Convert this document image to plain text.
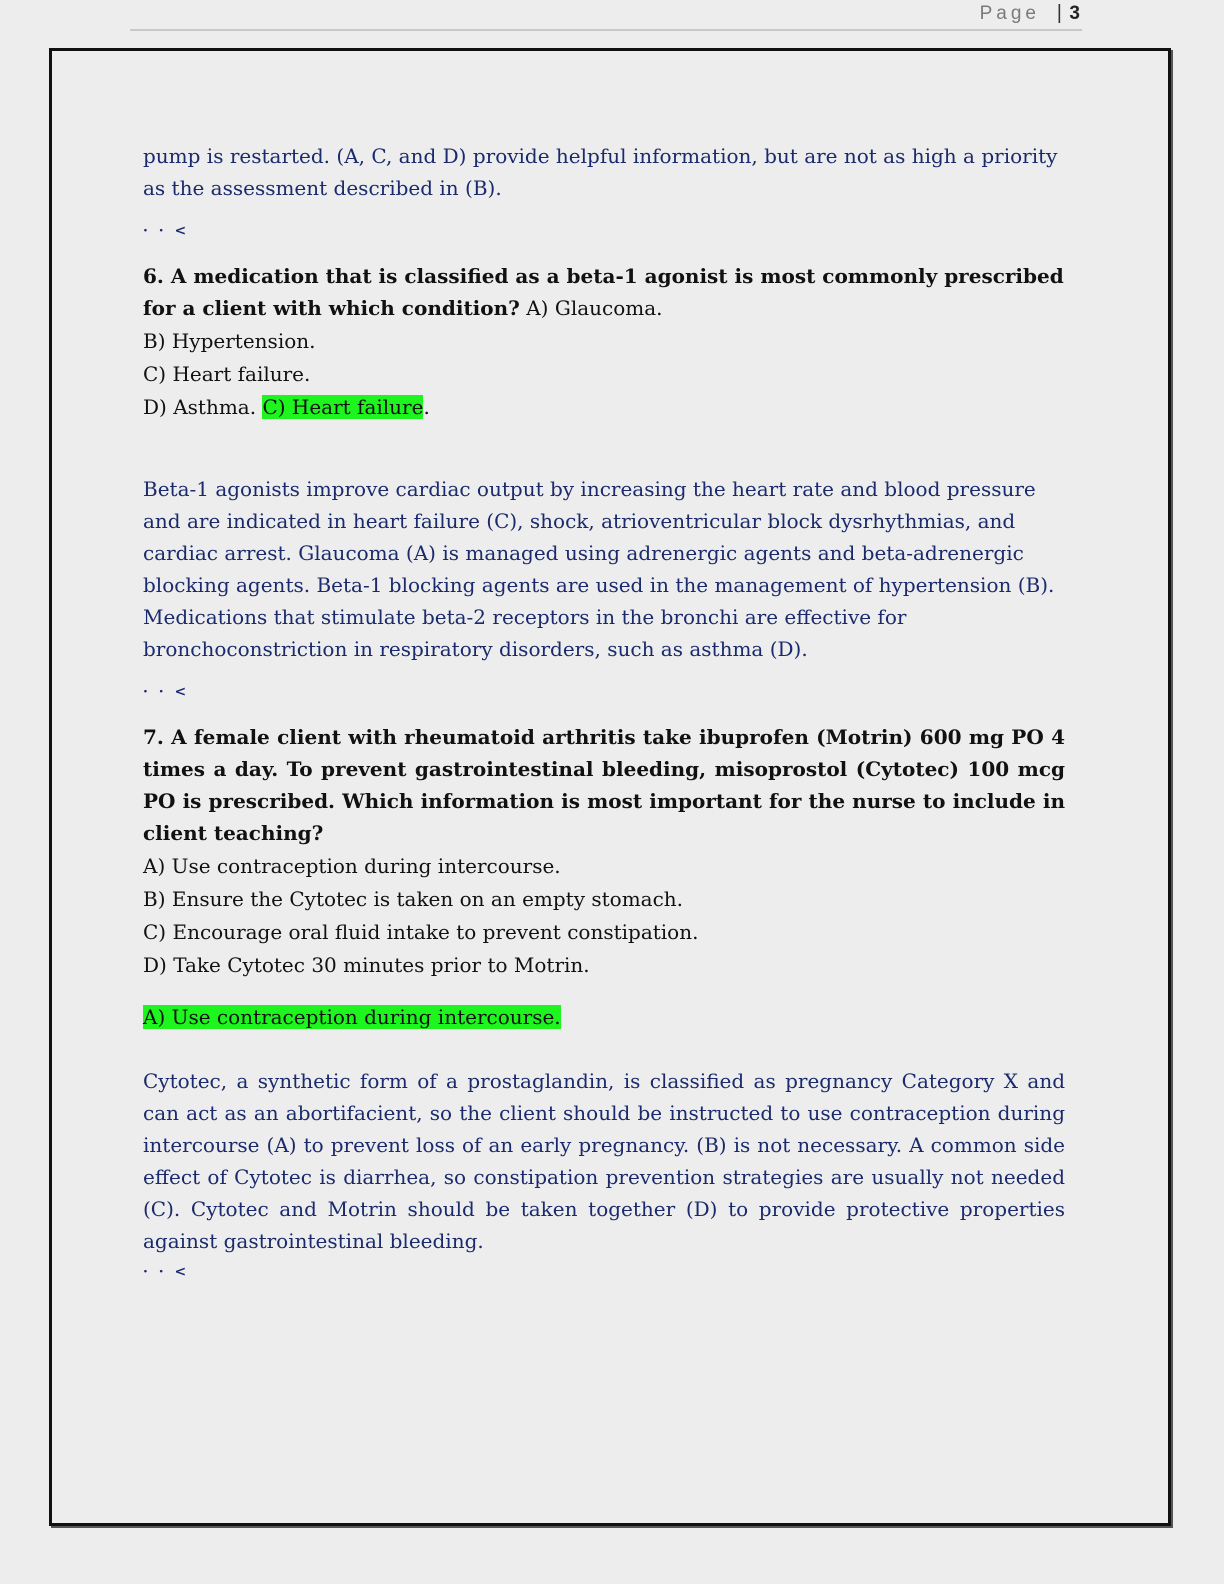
Page | 3

pump is restarted. (A, C, and D) provide helpful information, but are not as high a priority as the assessment described in (B).

· · <

6. A medication that is classified as a beta-1 agonist is most commonly prescribed for a client with which condition? A) Glaucoma.

B) Hypertension.

C) Heart failure.

D) Asthma. C) Heart failure.

Beta-1 agonists improve cardiac output by increasing the heart rate and blood pressure and are indicated in heart failure (C), shock, atrioventricular block dysrhythmias, and cardiac arrest. Glaucoma (A) is managed using adrenergic agents and beta-adrenergic blocking agents. Beta-1 blocking agents are used in the management of hypertension (B). Medications that stimulate beta-2 receptors in the bronchi are effective for bronchoconstriction in respiratory disorders, such as asthma (D).

· · <

7. A female client with rheumatoid arthritis take ibuprofen (Motrin) 600 mg PO 4 times a day. To prevent gastrointestinal bleeding, misoprostol (Cytotec) 100 mcg PO is prescribed. Which information is most important for the nurse to include in client teaching?

A) Use contraception during intercourse.

B) Ensure the Cytotec is taken on an empty stomach.

C) Encourage oral fluid intake to prevent constipation.

D) Take Cytotec 30 minutes prior to Motrin.

A) Use contraception during intercourse.

Cytotec, a synthetic form of a prostaglandin, is classified as pregnancy Category X and can act as an abortifacient, so the client should be instructed to use contraception during intercourse (A) to prevent loss of an early pregnancy. (B) is not necessary. A common side effect of Cytotec is diarrhea, so constipation prevention strategies are usually not needed (C). Cytotec and Motrin should be taken together (D) to provide protective properties against gastrointestinal bleeding.

· · <
